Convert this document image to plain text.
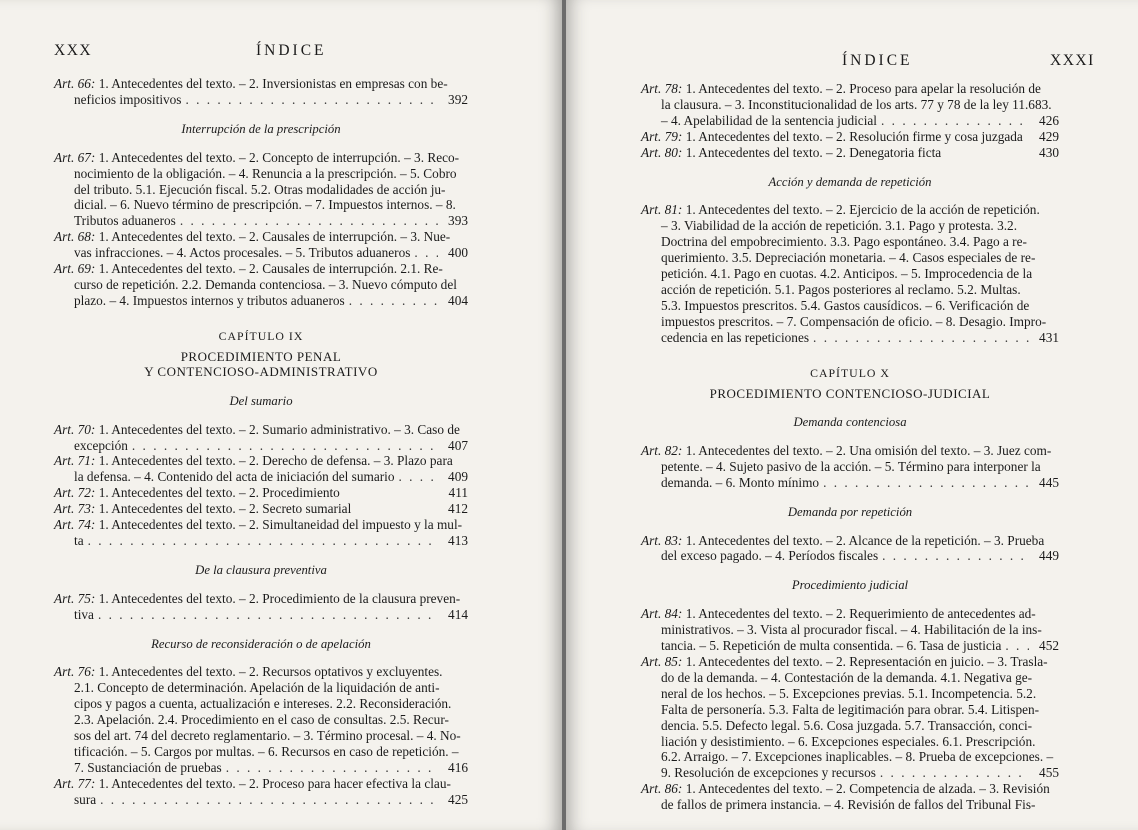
XXX	ÍNDICE
Art. 66:
1. Antecedentes del texto. – 2. Inversionistas en empresas con be-
neficios impositivos . . .	392
Interrupción de la prescripción
Art. 67:
1. Antecedentes del texto. – 2. Concepto de interrupción. – 3. Reco-
nocimiento de la obligación. – 4. Renuncia a la prescripción. – 5. Cobro
del tributo. 5.1. Ejecución fiscal. 5.2. Otras modalidades de acción ju-
dicial. – 6. Nuevo término de prescripción. – 7. Impuestos internos. – 8.
Tributos aduaneros . . .	393
Art. 68:
1. Antecedentes del texto. – 2. Causales de interrupción. – 3. Nue-
vas infracciones. – 4. Actos procesales. – 5. Tributos aduaneros . . .	400
Art. 69:
1. Antecedentes del texto. – 2. Causales de interrupción. 2.1. Re-
curso de repetición. 2.2. Demanda contenciosa. – 3. Nuevo cómputo del
plazo. – 4. Impuestos internos y tributos aduaneros . . .	404
CAPÍTULO IX
PROCEDIMIENTO PENAL
Y CONTENCIOSO-ADMINISTRATIVO
Del sumario
Art. 70:
1. Antecedentes del texto. – 2. Sumario administrativo. – 3. Caso de
excepción . . .	407
Art. 71:
1. Antecedentes del texto. – 2. Derecho de defensa. – 3. Plazo para
la defensa. – 4. Contenido del acta de iniciación del sumario . . .	409
Art. 72:
1. Antecedentes del texto. – 2. Procedimiento	411
Art. 73:
1. Antecedentes del texto. – 2. Secreto sumarial	412
Art. 74:
1. Antecedentes del texto. – 2. Simultaneidad del impuesto y la mul-
ta . . .	413
De la clausura preventiva
Art. 75:
1. Antecedentes del texto. – 2. Procedimiento de la clausura preven-
tiva . . .	414
Recurso de reconsideración o de apelación
Art. 76:
1. Antecedentes del texto. – 2. Recursos optativos y excluyentes.
2.1. Concepto de determinación. Apelación de la liquidación de anti-
cipos y pagos a cuenta, actualización e intereses. 2.2. Reconsideración.
2.3. Apelación. 2.4. Procedimiento en el caso de consultas. 2.5. Recur-
sos del art. 74 del decreto reglamentario. – 3. Término procesal. – 4. No-
tificación. – 5. Cargos por multas. – 6. Recursos en caso de repetición. –
7. Sustanciación de pruebas . . .	416
Art. 77:
1. Antecedentes del texto. – 2. Proceso para hacer efectiva la clau-
sura . . .	425
ÍNDICE	XXXI
Art. 78:
1. Antecedentes del texto. – 2. Proceso para apelar la resolución de
la clausura. – 3. Inconstitucionalidad de los arts. 77 y 78 de la ley 11.683.
– 4. Apelabilidad de la sentencia judicial . . .	426
Art. 79:
1. Antecedentes del texto. – 2. Resolución firme y cosa juzgada	429
Art. 80:
1. Antecedentes del texto. – 2. Denegatoria ficta	430
Acción y demanda de repetición
Art. 81:
1. Antecedentes del texto. – 2. Ejercicio de la acción de repetición.
– 3. Viabilidad de la acción de repetición. 3.1. Pago y protesta. 3.2.
Doctrina del empobrecimiento. 3.3. Pago espontáneo. 3.4. Pago a re-
querimiento. 3.5. Depreciación monetaria. – 4. Casos especiales de re-
petición. 4.1. Pago en cuotas. 4.2. Anticipos. – 5. Improcedencia de la
acción de repetición. 5.1. Pagos posteriores al reclamo. 5.2. Multas.
5.3. Impuestos prescritos. 5.4. Gastos causídicos. – 6. Verificación de
impuestos prescritos. – 7. Compensación de oficio. – 8. Desagio. Impro-
cedencia en las repeticiones . . .	431
CAPÍTULO X
PROCEDIMIENTO CONTENCIOSO-JUDICIAL
Demanda contenciosa
Art. 82:
1. Antecedentes del texto. – 2. Una omisión del texto. – 3. Juez com-
petente. – 4. Sujeto pasivo de la acción. – 5. Término para interponer la
demanda. – 6. Monto mínimo . . .	445
Demanda por repetición
Art. 83:
1. Antecedentes del texto. – 2. Alcance de la repetición. – 3. Prueba
del exceso pagado. – 4. Períodos fiscales . . .	449
Procedimiento judicial
Art. 84:
1. Antecedentes del texto. – 2. Requerimiento de antecedentes ad-
ministrativos. – 3. Vista al procurador fiscal. – 4. Habilitación de la ins-
tancia. – 5. Repetición de multa consentida. – 6. Tasa de justicia . . .	452
Art. 85:
1. Antecedentes del texto. – 2. Representación en juicio. – 3. Trasla-
do de la demanda. – 4. Contestación de la demanda. 4.1. Negativa ge-
neral de los hechos. – 5. Excepciones previas. 5.1. Incompetencia. 5.2.
Falta de personería. 5.3. Falta de legitimación para obrar. 5.4. Litispen-
dencia. 5.5. Defecto legal. 5.6. Cosa juzgada. 5.7. Transacción, conci-
liación y desistimiento. – 6. Excepciones especiales. 6.1. Prescripción.
6.2. Arraigo. – 7. Excepciones inaplicables. – 8. Prueba de excepciones. –
9. Resolución de excepciones y recursos . . .	455
Art. 86:
1. Antecedentes del texto. – 2. Competencia de alzada. – 3. Revisión
de fallos de primera instancia. – 4. Revisión de fallos del Tribunal Fis-
